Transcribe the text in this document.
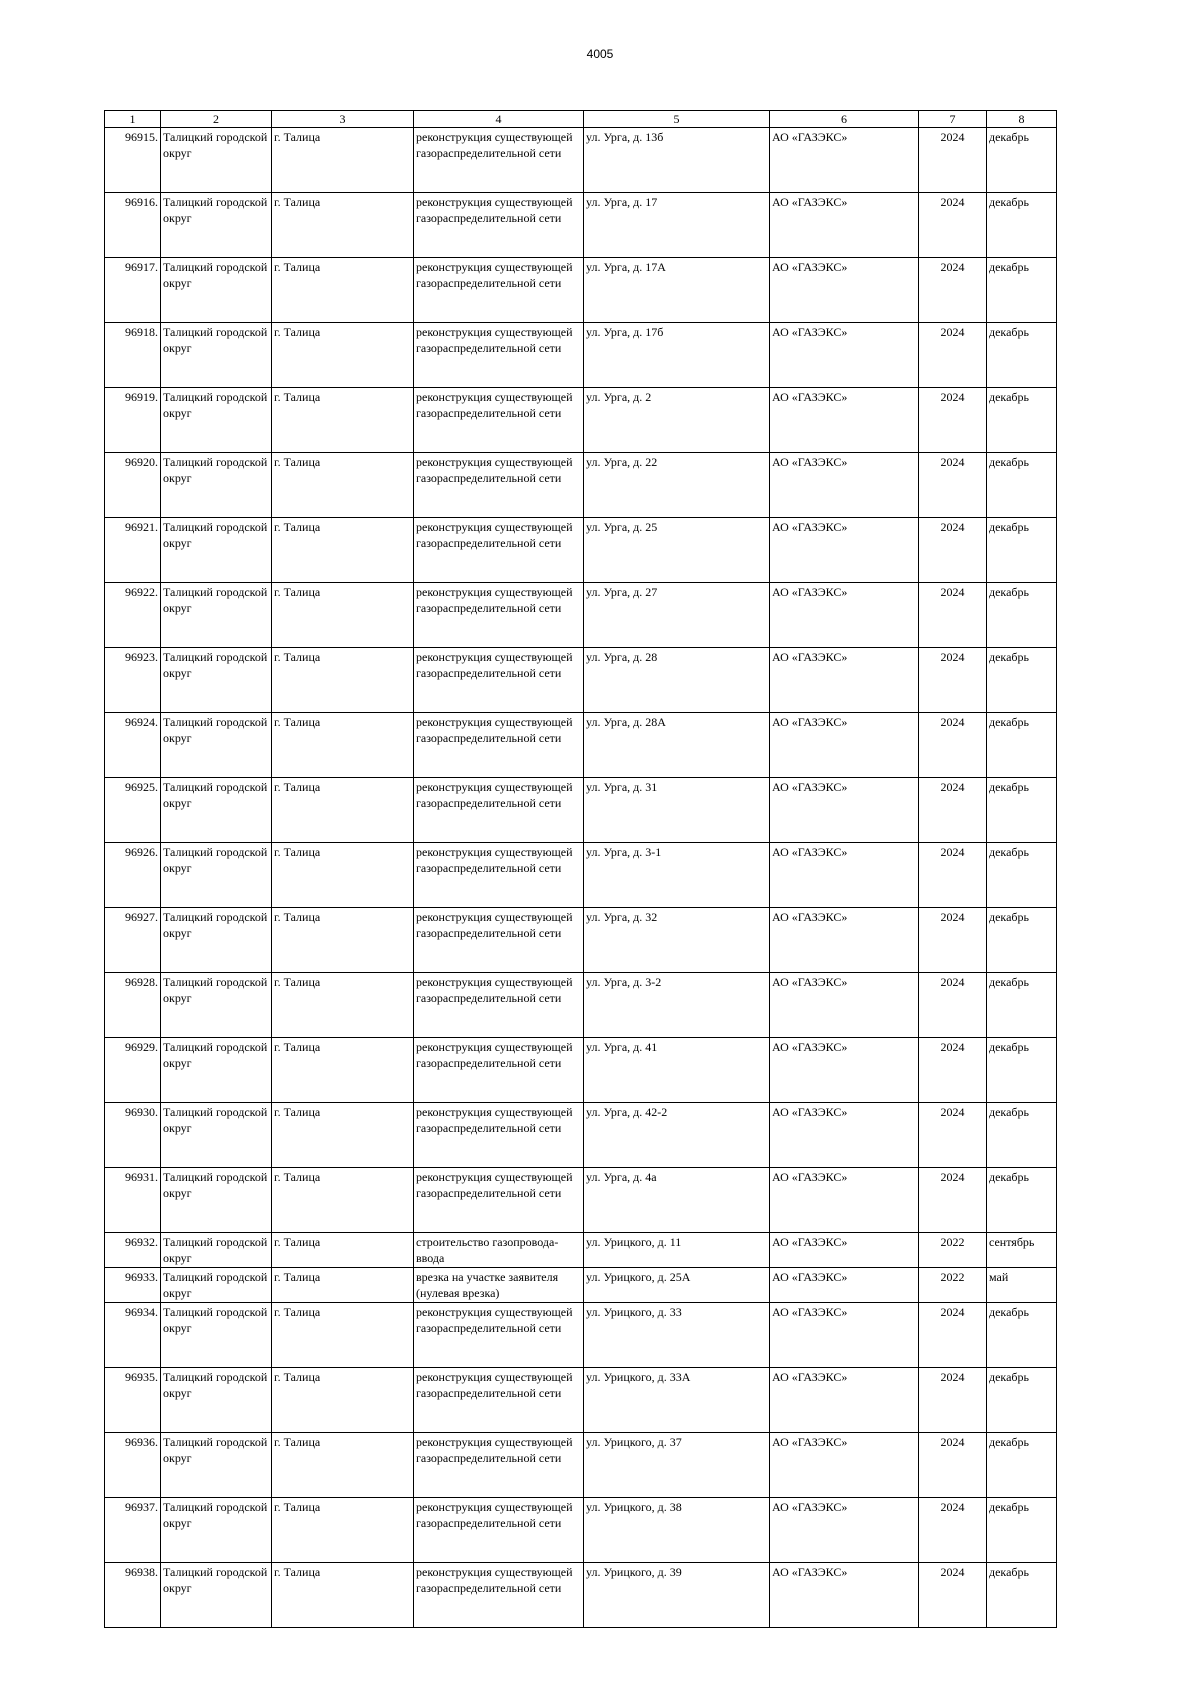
4005
1	2	3	4	5	6	7	8
96915.	Талицкий городской округ	г. Талица	реконструкция существующей газораспределительной сети	ул. Урга, д. 13б	АО «ГАЗЭКС»	2024	декабрь
96916.	Талицкий городской округ	г. Талица	реконструкция существующей газораспределительной сети	ул. Урга, д. 17	АО «ГАЗЭКС»	2024	декабрь
96917.	Талицкий городской округ	г. Талица	реконструкция существующей газораспределительной сети	ул. Урга, д. 17А	АО «ГАЗЭКС»	2024	декабрь
96918.	Талицкий городской округ	г. Талица	реконструкция существующей газораспределительной сети	ул. Урга, д. 17б	АО «ГАЗЭКС»	2024	декабрь
96919.	Талицкий городской округ	г. Талица	реконструкция существующей газораспределительной сети	ул. Урга, д. 2	АО «ГАЗЭКС»	2024	декабрь
96920.	Талицкий городской округ	г. Талица	реконструкция существующей газораспределительной сети	ул. Урга, д. 22	АО «ГАЗЭКС»	2024	декабрь
96921.	Талицкий городской округ	г. Талица	реконструкция существующей газораспределительной сети	ул. Урга, д. 25	АО «ГАЗЭКС»	2024	декабрь
96922.	Талицкий городской округ	г. Талица	реконструкция существующей газораспределительной сети	ул. Урга, д. 27	АО «ГАЗЭКС»	2024	декабрь
96923.	Талицкий городской округ	г. Талица	реконструкция существующей газораспределительной сети	ул. Урга, д. 28	АО «ГАЗЭКС»	2024	декабрь
96924.	Талицкий городской округ	г. Талица	реконструкция существующей газораспределительной сети	ул. Урга, д. 28А	АО «ГАЗЭКС»	2024	декабрь
96925.	Талицкий городской округ	г. Талица	реконструкция существующей газораспределительной сети	ул. Урга, д. 31	АО «ГАЗЭКС»	2024	декабрь
96926.	Талицкий городской округ	г. Талица	реконструкция существующей газораспределительной сети	ул. Урга, д. 3-1	АО «ГАЗЭКС»	2024	декабрь
96927.	Талицкий городской округ	г. Талица	реконструкция существующей газораспределительной сети	ул. Урга, д. 32	АО «ГАЗЭКС»	2024	декабрь
96928.	Талицкий городской округ	г. Талица	реконструкция существующей газораспределительной сети	ул. Урга, д. 3-2	АО «ГАЗЭКС»	2024	декабрь
96929.	Талицкий городской округ	г. Талица	реконструкция существующей газораспределительной сети	ул. Урга, д. 41	АО «ГАЗЭКС»	2024	декабрь
96930.	Талицкий городской округ	г. Талица	реконструкция существующей газораспределительной сети	ул. Урга, д. 42-2	АО «ГАЗЭКС»	2024	декабрь
96931.	Талицкий городской округ	г. Талица	реконструкция существующей газораспределительной сети	ул. Урга, д. 4а	АО «ГАЗЭКС»	2024	декабрь
96932.	Талицкий городской округ	г. Талица	строительство газопровода-ввода	ул. Урицкого, д. 11	АО «ГАЗЭКС»	2022	сентябрь
96933.	Талицкий городской округ	г. Талица	врезка на участке заявителя (нулевая врезка)	ул. Урицкого, д. 25А	АО «ГАЗЭКС»	2022	май
96934.	Талицкий городской округ	г. Талица	реконструкция существующей газораспределительной сети	ул. Урицкого, д. 33	АО «ГАЗЭКС»	2024	декабрь
96935.	Талицкий городской округ	г. Талица	реконструкция существующей газораспределительной сети	ул. Урицкого, д. 33А	АО «ГАЗЭКС»	2024	декабрь
96936.	Талицкий городской округ	г. Талица	реконструкция существующей газораспределительной сети	ул. Урицкого, д. 37	АО «ГАЗЭКС»	2024	декабрь
96937.	Талицкий городской округ	г. Талица	реконструкция существующей газораспределительной сети	ул. Урицкого, д. 38	АО «ГАЗЭКС»	2024	декабрь
96938.	Талицкий городской округ	г. Талица	реконструкция существующей газораспределительной сети	ул. Урицкого, д. 39	АО «ГАЗЭКС»	2024	декабрь
